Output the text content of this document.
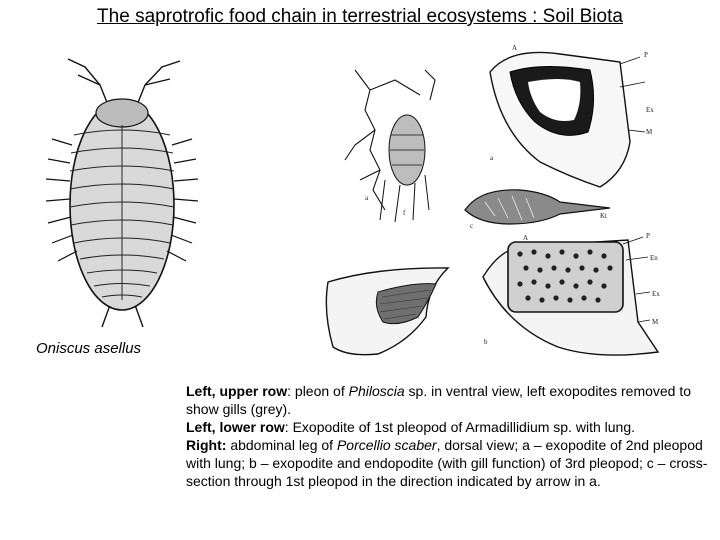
The saprotrofic food chain in terrestrial ecosystems : Soil Biota
Oniscus asellus
a
f
A
P
Ex
M
a
c
Kt
A	P
En
Ex
M
b
Left, upper row: pleon of Philoscia sp. in ventral view, left exopodites removed to show gills (grey).
Left, lower row: Exopodite of 1st pleopod of Armadillidium sp. with lung.
Right: abdominal leg of Porcellio scaber, dorsal view; a – exopodite of 2nd pleopod with lung; b – exopodite and endopodite (with gill function) of 3rd pleopod; c – cross-section through 1st pleopod in the direction indicated by arrow in a.
